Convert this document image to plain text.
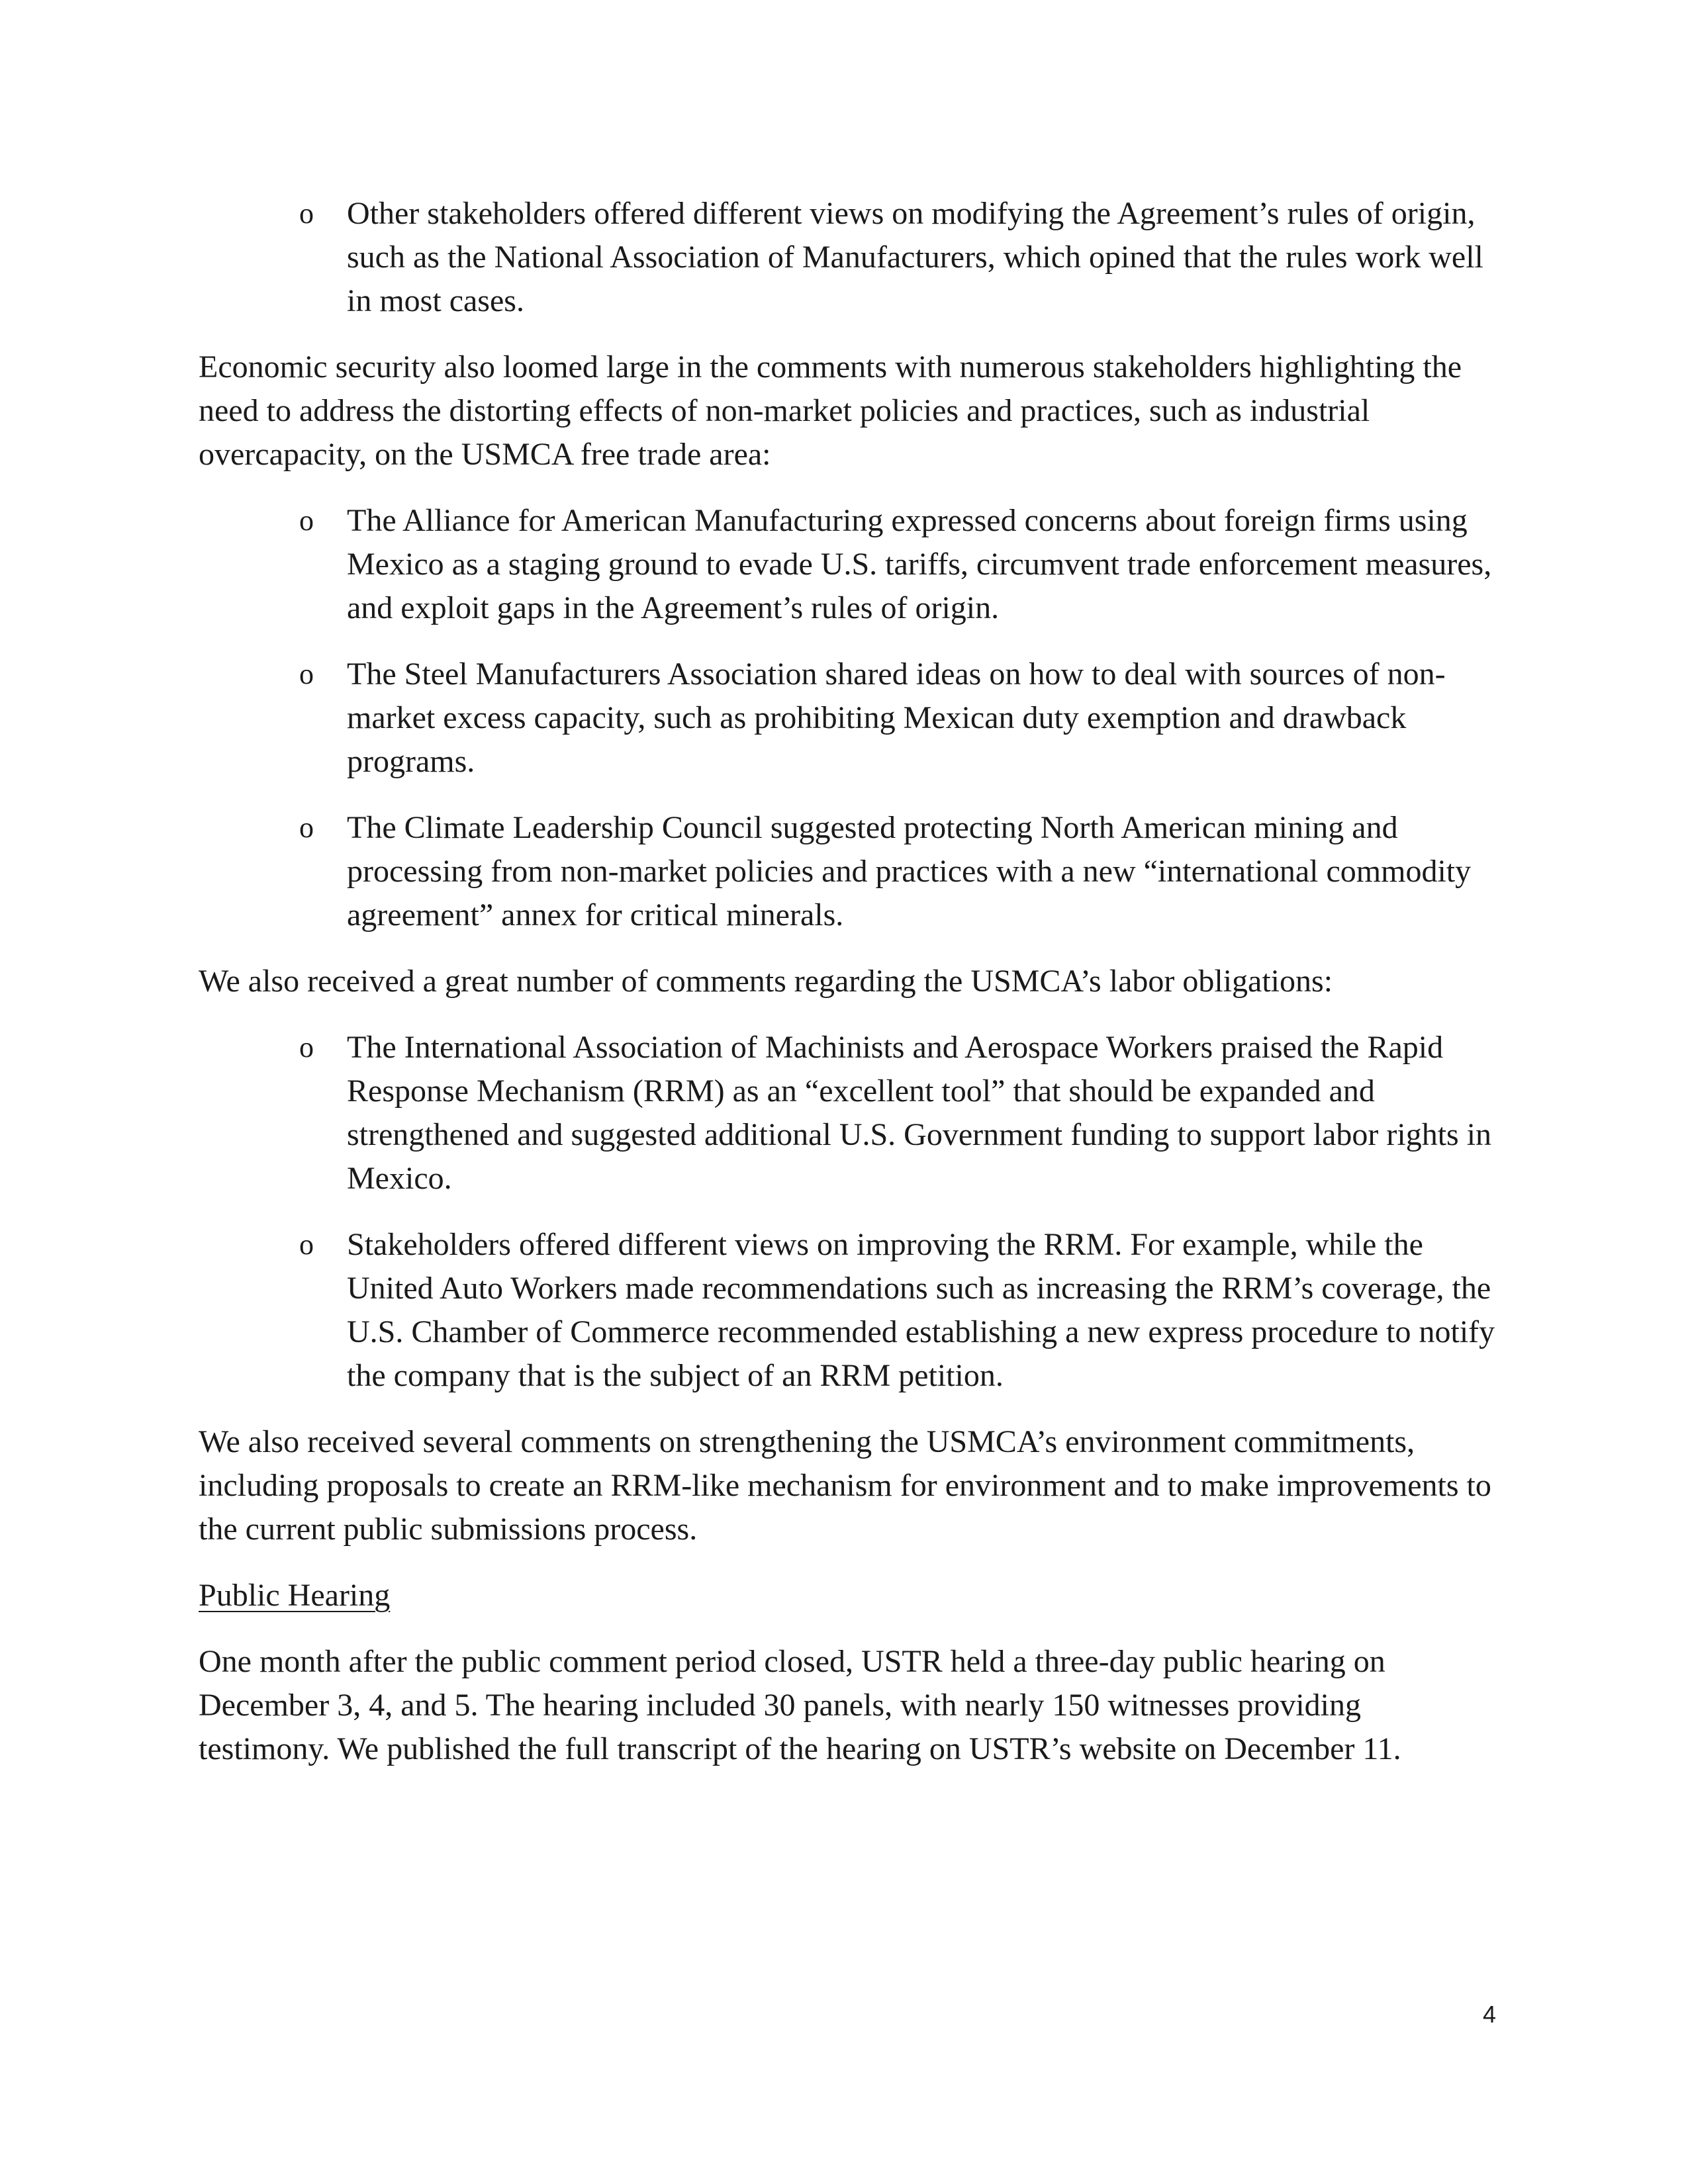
o Other stakeholders offered different views on modifying the Agreement’s rules of origin, such as the National Association of Manufacturers, which opined that the rules work well in most cases.

Economic security also loomed large in the comments with numerous stakeholders highlighting the need to address the distorting effects of non-market policies and practices, such as industrial overcapacity, on the USMCA free trade area:

o The Alliance for American Manufacturing expressed concerns about foreign firms using Mexico as a staging ground to evade U.S. tariffs, circumvent trade enforcement measures, and exploit gaps in the Agreement’s rules of origin.
o The Steel Manufacturers Association shared ideas on how to deal with sources of non-market excess capacity, such as prohibiting Mexican duty exemption and drawback programs.
o The Climate Leadership Council suggested protecting North American mining and processing from non-market policies and practices with a new “international commodity agreement” annex for critical minerals.

We also received a great number of comments regarding the USMCA’s labor obligations:

o The International Association of Machinists and Aerospace Workers praised the Rapid Response Mechanism (RRM) as an “excellent tool” that should be expanded and strengthened and suggested additional U.S. Government funding to support labor rights in Mexico.
o Stakeholders offered different views on improving the RRM. For example, while the United Auto Workers made recommendations such as increasing the RRM’s coverage, the U.S. Chamber of Commerce recommended establishing a new express procedure to notify the company that is the subject of an RRM petition.

We also received several comments on strengthening the USMCA’s environment commitments, including proposals to create an RRM-like mechanism for environment and to make improvements to the current public submissions process.

Public Hearing

One month after the public comment period closed, USTR held a three-day public hearing on December 3, 4, and 5. The hearing included 30 panels, with nearly 150 witnesses providing testimony. We published the full transcript of the hearing on USTR’s website on December 11.

4
